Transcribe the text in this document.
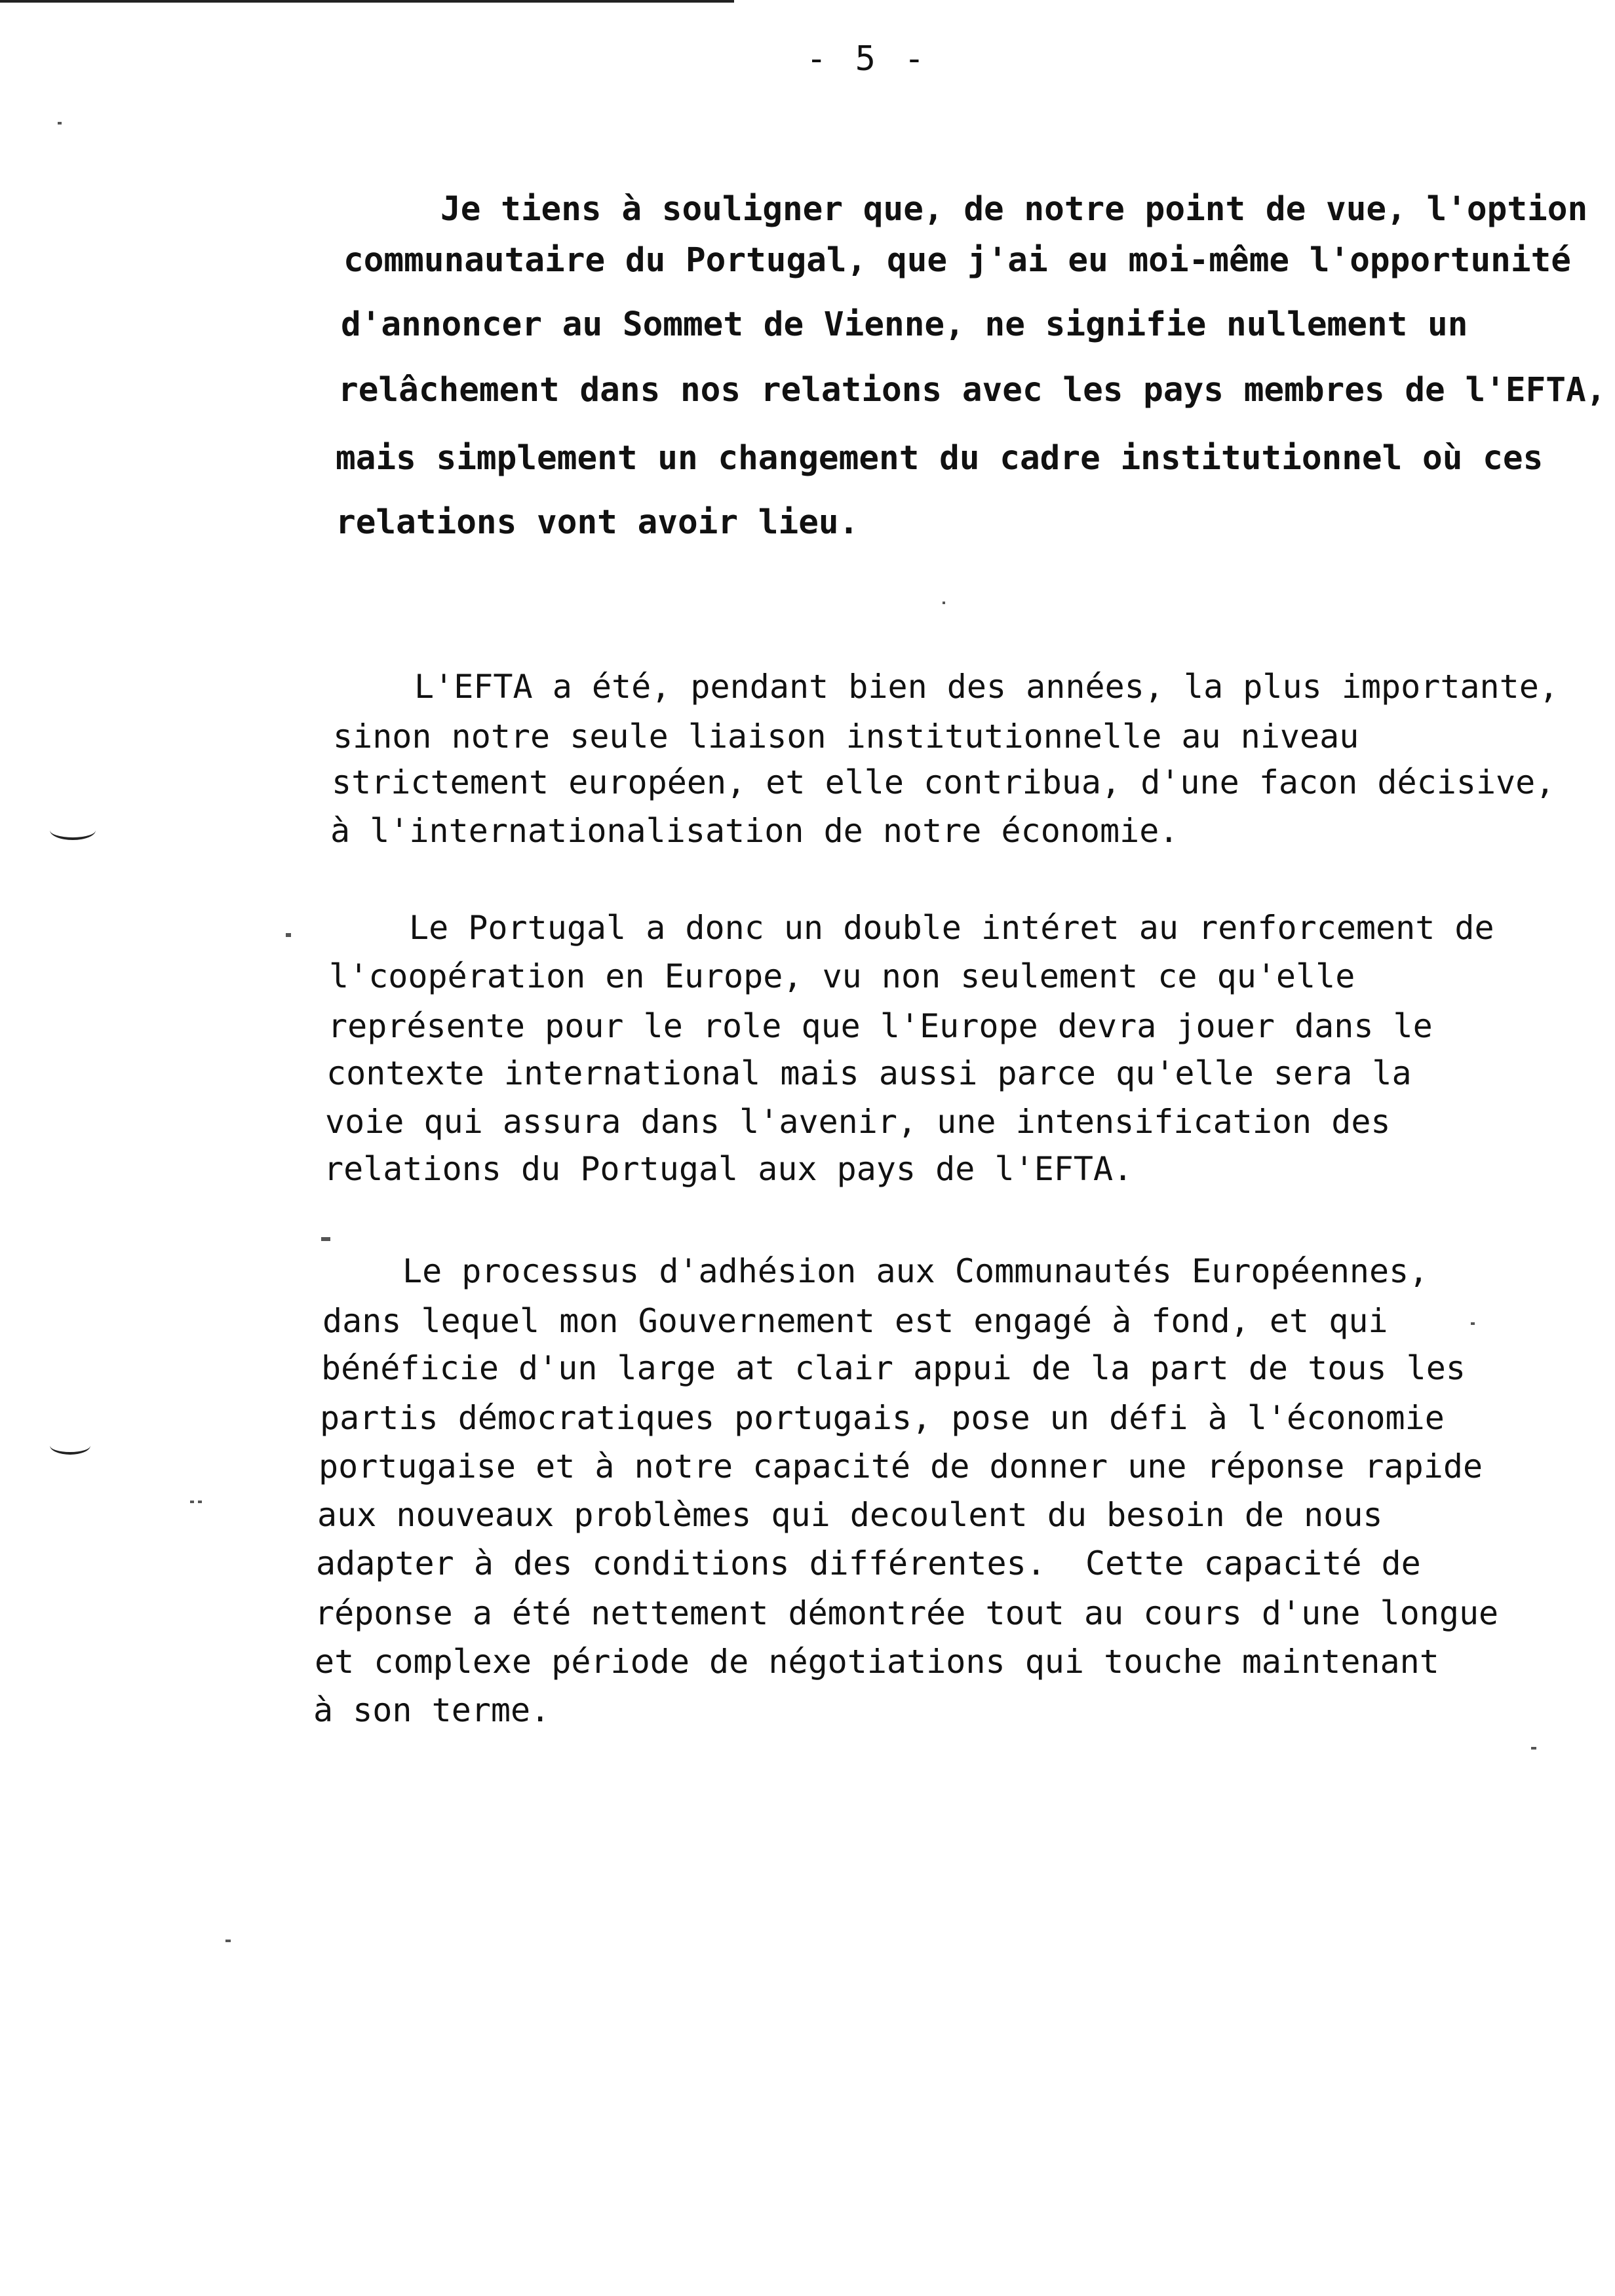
- 5 -
Je tiens à souligner que, de notre point de vue, l'option
communautaire du Portugal, que j'ai eu moi-même l'opportunité
d'annoncer au Sommet de Vienne, ne signifie nullement un
relâchement dans nos relations avec les pays membres de l'EFTA,
mais simplement un changement du cadre institutionnel où ces
relations vont avoir lieu.
L'EFTA a été, pendant bien des années, la plus importante,
sinon notre seule liaison institutionnelle au niveau
strictement européen, et elle contribua, d'une facon décisive,
à l'internationalisation de notre économie.
Le Portugal a donc un double intéret au renforcement de
l'coopération en Europe, vu non seulement ce qu'elle
représente pour le role que l'Europe devra jouer dans le
contexte international mais aussi parce qu'elle sera la
voie qui assura dans l'avenir, une intensification des
relations du Portugal aux pays de l'EFTA.
Le processus d'adhésion aux Communautés Européennes,
dans lequel mon Gouvernement est engagé à fond, et qui
bénéficie d'un large at clair appui de la part de tous les
partis démocratiques portugais, pose un défi à l'économie
portugaise et à notre capacité de donner une réponse rapide
aux nouveaux problèmes qui decoulent du besoin de nous
adapter à des conditions différentes.  Cette capacité de
réponse a été nettement démontrée tout au cours d'une longue
et complexe période de négotiations qui touche maintenant
à son terme.
